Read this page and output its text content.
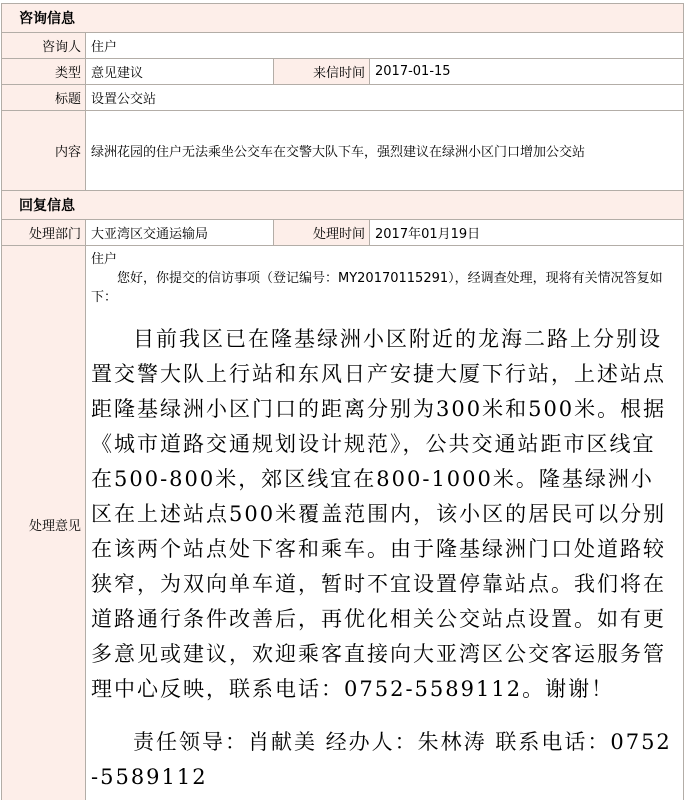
咨询信息			
咨询人	住户		
类型	意见建议	来信时间	2017-01-15
标题	设置公交站		
内容	绿洲花园的住户无法乘坐公交车在交警大队下车，强烈建议在绿洲小区门口增加公交站		
回复信息			
处理部门	大亚湾区交通运输局	处理时间	2017年01月19日
处理意见	住户

您好，你提交的信访事项（登记编号：MY20170115291），经调查处理，现将有关情况答复如下：

目前我区已在隆基绿洲小区附近的龙海二路上分别设置交警大队上行站和东风日产安捷大厦下行站，上述站点距隆基绿洲小区门口的距离分别为300米和500米。根据《城市道路交通规划设计规范》，公共交通站距市区线宜在500-800米，郊区线宜在800-1000米。隆基绿洲小区在上述站点500米覆盖范围内，该小区的居民可以分别在该两个站点处下客和乘车。由于隆基绿洲门口处道路较狭窄，为双向单车道，暂时不宜设置停靠站点。我们将在道路通行条件改善后，再优化相关公交站点设置。如有更多意见或建议，欢迎乘客直接向大亚湾区公交客运服务管理中心反映，联系电话：0752-5589112。谢谢！

责任领导：肖献美 经办人：朱林涛 联系电话：0752-5589112		
